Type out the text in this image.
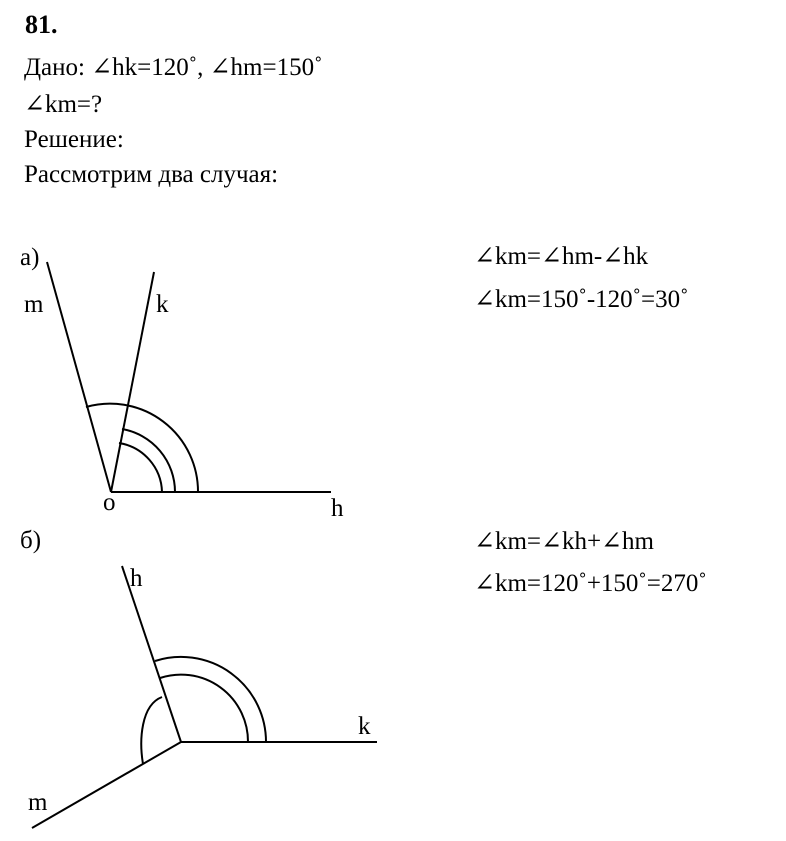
81.
Дано: ∠hk=120˚, ∠hm=150˚
∠km=?
Решение:
Рассмотрим два случая:
а)
m	k
o	h
∠km=∠hm-∠hk
∠km=150˚-120˚=30˚
б)
h
k
m
∠km=∠kh+∠hm
∠km=120˚+150˚=270˚
